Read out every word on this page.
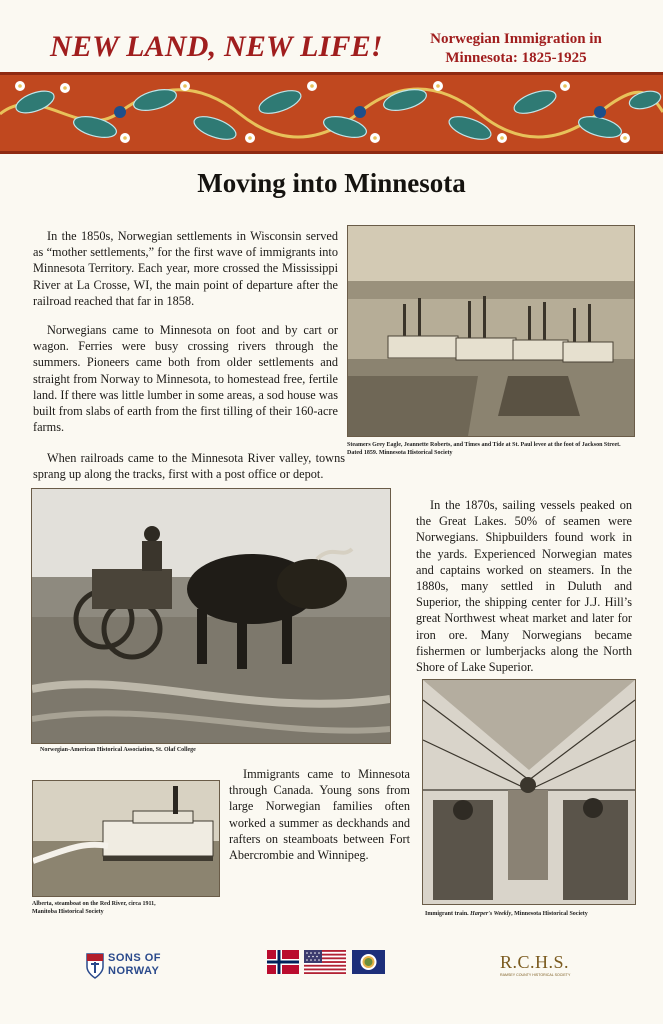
NEW LAND, NEW LIFE!	Norwegian Immigration in
Minnesota: 1825-1925
Moving into Minnesota
In the 1850s, Norwegian settlements in Wisconsin served as “mother settlements,” for the first wave of immigrants into Minnesota Territory. Each year, more crossed the Mississippi River at La Crosse, WI, the main point of departure after the railroad reached that far in 1858.
Norwegians came to Minnesota on foot and by cart or wagon. Ferries were busy crossing rivers through the summers. Pioneers came both from older settlements and straight from Norway to Minnesota, to homestead free, fertile land. If there was little lumber in some areas, a sod house was built from slabs of earth from the first tilling of their 160-acre farms.
When railroads came to the Minnesota River valley, towns sprang up along the tracks, first with a post office or depot.
Steamers Grey Eagle, Jeannette Roberts, and Times and Tide at St. Paul levee at the foot of Jackson Street.
Dated 1859. Minnesota Historical Society
Norwegian-American Historical Association, St. Olaf College
In the 1870s, sailing vessels peaked on the Great Lakes. 50% of seamen were Norwegians. Shipbuilders found work in the yards. Experienced Norwegian mates and captains worked on steamers. In the 1880s, many settled in Duluth and Superior, the shipping center for J.J. Hill’s great Northwest wheat market and later for iron ore. Many Norwegians became fishermen or lumberjacks along the North Shore of Lake Superior.
Immigrant train. Harper's Weekly, Minnesota Historical Society
Immigrants came to Minnesota through Canada. Young sons from large Norwegian families often worked a summer as deckhands and rafters on steamboats between Fort Abercrombie and Winnipeg.
Alberta, steamboat on the Red River, circa 1911,
Manitoba Historical Society
SONS OF
NORWAY	R.C.H.S.
RAMSEY COUNTY HISTORICAL SOCIETY
